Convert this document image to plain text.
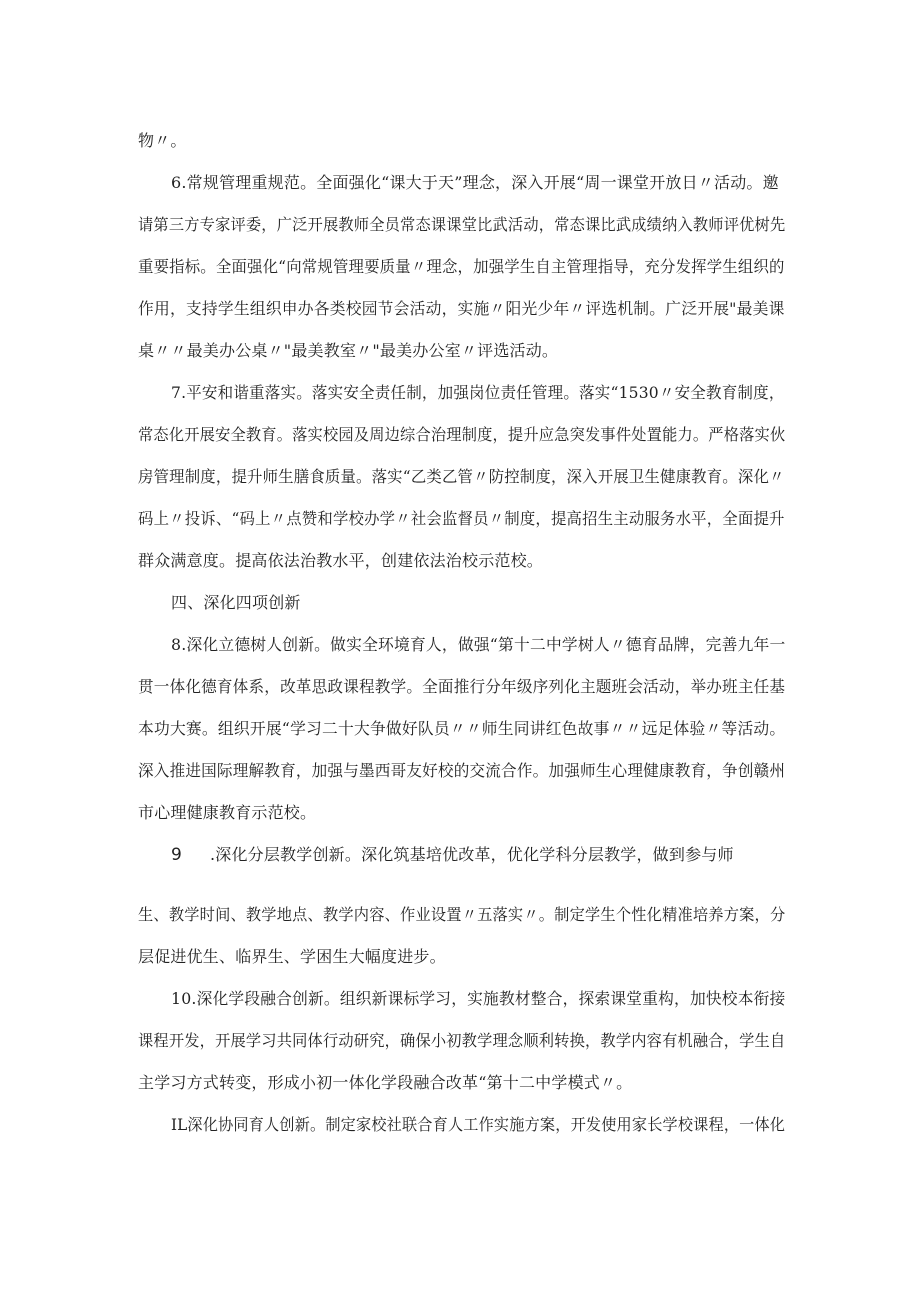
物〃。
6.常规管理重规范。全面强化“课大于天”理念，深入开展“周一课堂开放日〃活动。邀
请第三方专家评委，广泛开展教师全员常态课课堂比武活动，常态课比武成绩纳入教师评优树先
重要指标。全面强化“向常规管理要质量〃理念，加强学生自主管理指导，充分发挥学生组织的
作用，支持学生组织申办各类校园节会活动，实施〃阳光少年〃评选机制。广泛开展"最美课
桌〃〃最美办公桌〃"最美教室〃"最美办公室〃评选活动。
7.平安和谐重落实。落实安全责任制，加强岗位责任管理。落实“1530〃安全教育制度，
常态化开展安全教育。落实校园及周边综合治理制度，提升应急突发事件处置能力。严格落实伙
房管理制度，提升师生膳食质量。落实“乙类乙管〃防控制度，深入开展卫生健康教育。深化〃
码上〃投诉、“码上〃点赞和学校办学〃社会监督员〃制度，提高招生主动服务水平，全面提升
群众满意度。提高依法治教水平，创建依法治校示范校。
四、深化四项创新
8.深化立德树人创新。做实全环境育人，做强“第十二中学树人〃德育品牌，完善九年一
贯一体化德育体系，改革思政课程教学。全面推行分年级序列化主题班会活动，举办班主任基
本功大赛。组织开展“学习二十大争做好队员〃〃师生同讲红色故事〃〃远足体验〃等活动。
深入推进国际理解教育，加强与墨西哥友好校的交流合作。加强师生心理健康教育，争创赣州
市心理健康教育示范校。
9 .深化分层教学创新。深化筑基培优改革，优化学科分层教学，做到参与师
生、教学时间、教学地点、教学内容、作业设置〃五落实〃。制定学生个性化精准培养方案，分
层促进优生、临界生、学困生大幅度进步。
10.深化学段融合创新。组织新课标学习，实施教材整合，探索课堂重构，加快校本衔接
课程开发，开展学习共同体行动研究，确保小初教学理念顺利转换，教学内容有机融合，学生自
主学习方式转变，形成小初一体化学段融合改革“第十二中学模式〃。
IL深化协同育人创新。制定家校社联合育人工作实施方案，开发使用家长学校课程，一体化
